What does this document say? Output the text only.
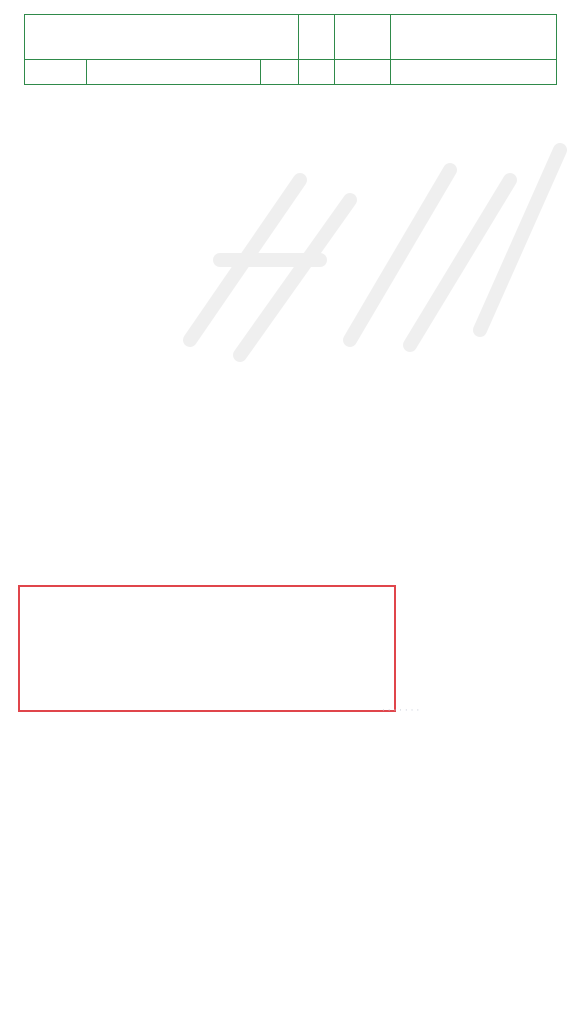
· · · · · · ·
